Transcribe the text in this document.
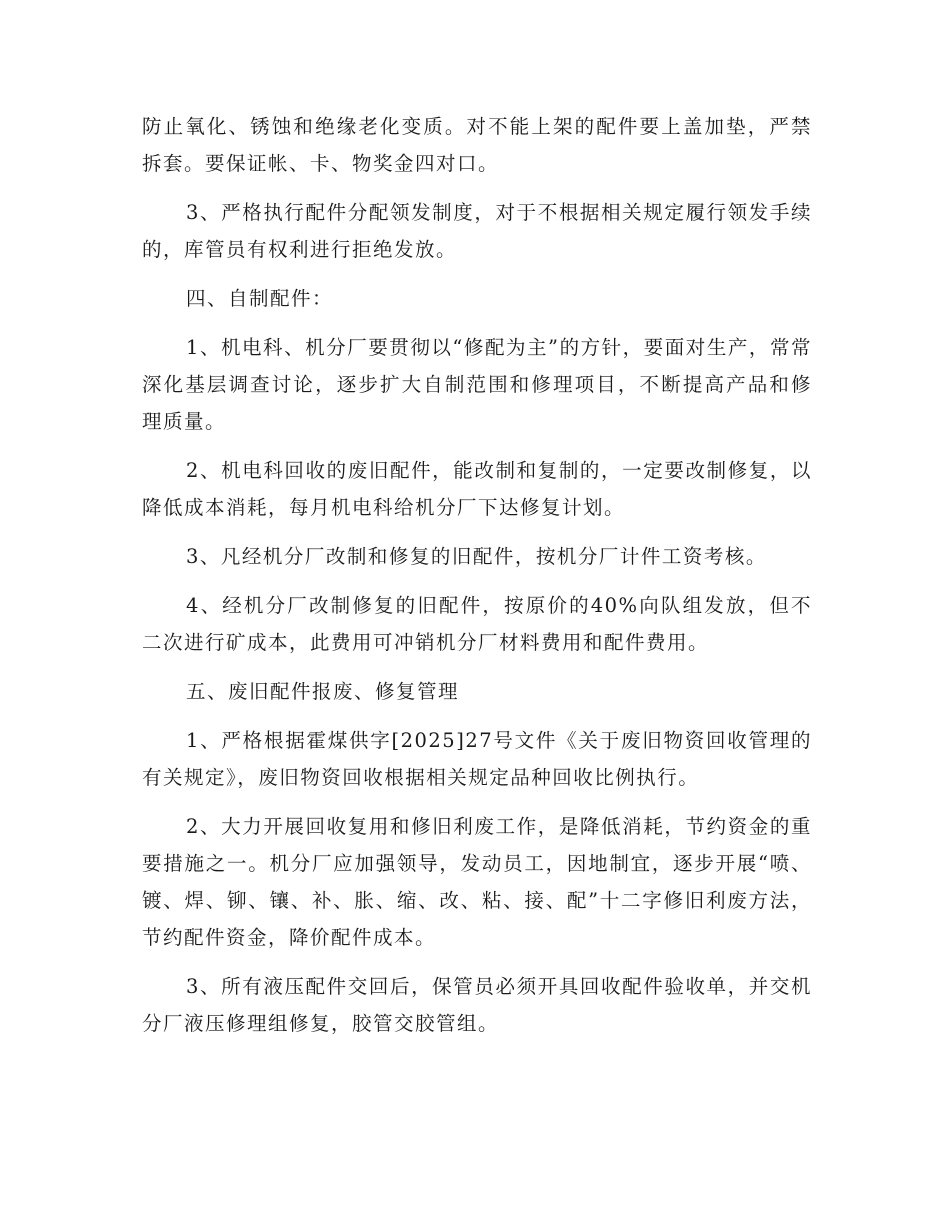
防止氧化、锈蚀和绝缘老化变质。对不能上架的配件要上盖加垫，严禁拆套。要保证帐、卡、物奖金四对口。

3、严格执行配件分配领发制度，对于不根据相关规定履行领发手续的，库管员有权利进行拒绝发放。

四、自制配件：

1、机电科、机分厂要贯彻以“修配为主”的方针，要面对生产，常常深化基层调查讨论，逐步扩大自制范围和修理项目，不断提高产品和修理质量。

2、机电科回收的废旧配件，能改制和复制的，一定要改制修复，以降低成本消耗，每月机电科给机分厂下达修复计划。

3、凡经机分厂改制和修复的旧配件，按机分厂计件工资考核。

4、经机分厂改制修复的旧配件，按原价的40%向队组发放，但不二次进行矿成本，此费用可冲销机分厂材料费用和配件费用。

五、废旧配件报废、修复管理

1、严格根据霍煤供字[2025]27号文件《关于废旧物资回收管理的有关规定》，废旧物资回收根据相关规定品种回收比例执行。

2、大力开展回收复用和修旧利废工作，是降低消耗，节约资金的重要措施之一。机分厂应加强领导，发动员工，因地制宜，逐步开展“喷、镀、焊、铆、镶、补、胀、缩、改、粘、接、配”十二字修旧利废方法，节约配件资金，降价配件成本。

3、所有液压配件交回后，保管员必须开具回收配件验收单，并交机分厂液压修理组修复，胶管交胶管组。
